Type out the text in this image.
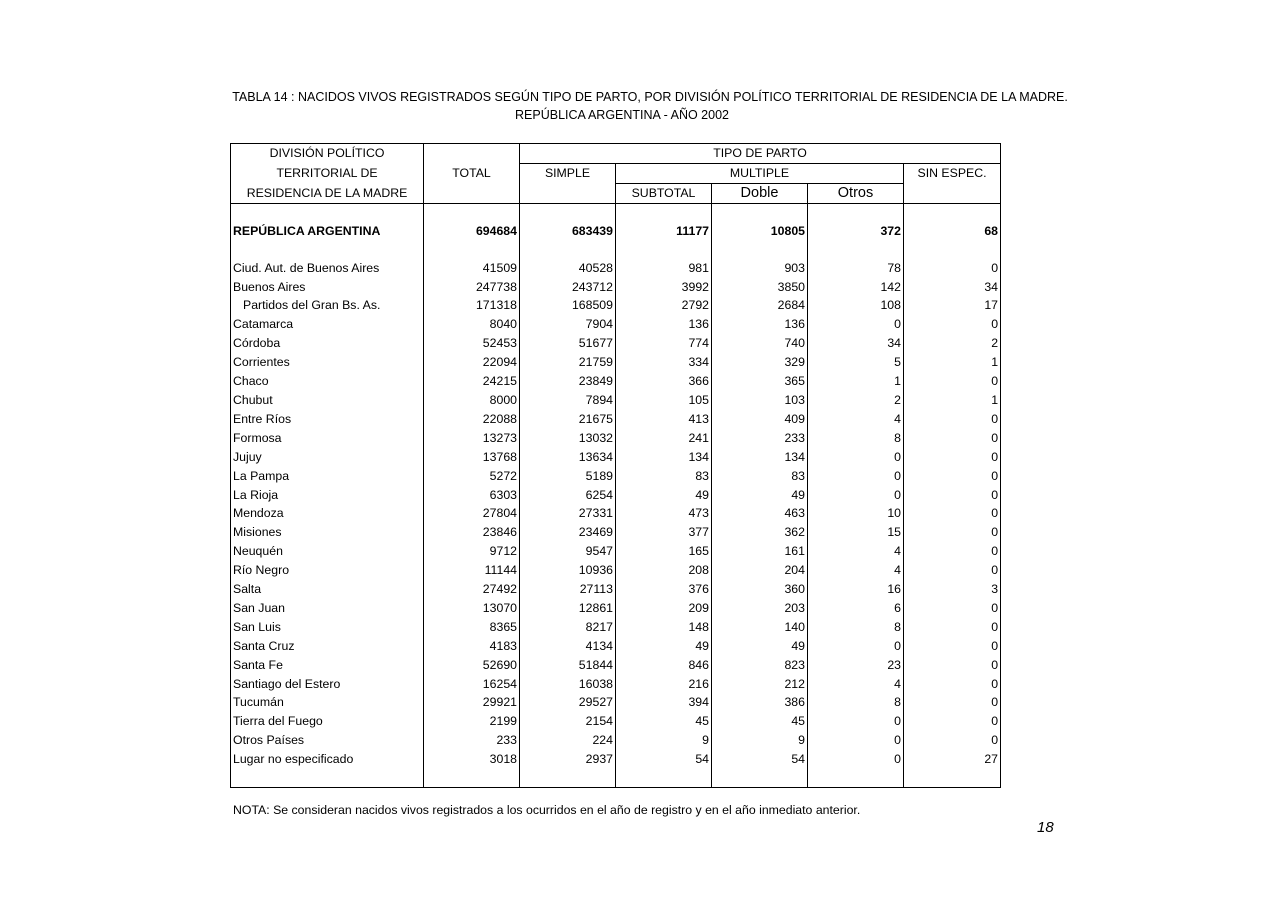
TABLA 14 : NACIDOS VIVOS REGISTRADOS SEGÚN TIPO DE PARTO, POR DIVISIÓN POLÍTICO TERRITORIAL DE RESIDENCIA DE LA MADRE.
REPÚBLICA ARGENTINA - AÑO 2002
DIVISIÓN POLÍTICO		TIPO DE PARTO				
TERRITORIAL DE	TOTAL	SIMPLE	MULTIPLE			SIN ESPEC.
RESIDENCIA DE LA MADRE			SUBTOTAL	Doble	Otros	

REPÚBLICA ARGENTINA	694684	683439	11177	10805	372	68

Ciud. Aut. de Buenos Aires	41509	40528	981	903	78	0
Buenos Aires	247738	243712	3992	3850	142	34
Partidos del Gran Bs. As.	171318	168509	2792	2684	108	17
Catamarca	8040	7904	136	136	0	0
Córdoba	52453	51677	774	740	34	2
Corrientes	22094	21759	334	329	5	1
Chaco	24215	23849	366	365	1	0
Chubut	8000	7894	105	103	2	1
Entre Ríos	22088	21675	413	409	4	0
Formosa	13273	13032	241	233	8	0
Jujuy	13768	13634	134	134	0	0
La Pampa	5272	5189	83	83	0	0
La Rioja	6303	6254	49	49	0	0
Mendoza	27804	27331	473	463	10	0
Misiones	23846	23469	377	362	15	0
Neuquén	9712	9547	165	161	4	0
Río Negro	11144	10936	208	204	4	0
Salta	27492	27113	376	360	16	3
San Juan	13070	12861	209	203	6	0
San Luis	8365	8217	148	140	8	0
Santa Cruz	4183	4134	49	49	0	0
Santa Fe	52690	51844	846	823	23	0
Santiago del Estero	16254	16038	216	212	4	0
Tucumán	29921	29527	394	386	8	0
Tierra del Fuego	2199	2154	45	45	0	0
Otros Países	233	224	9	9	0	0
Lugar no especificado	3018	2937	54	54	0	27

NOTA: Se consideran nacidos vivos registrados a los ocurridos en el año de registro y en el año inmediato anterior.
18
